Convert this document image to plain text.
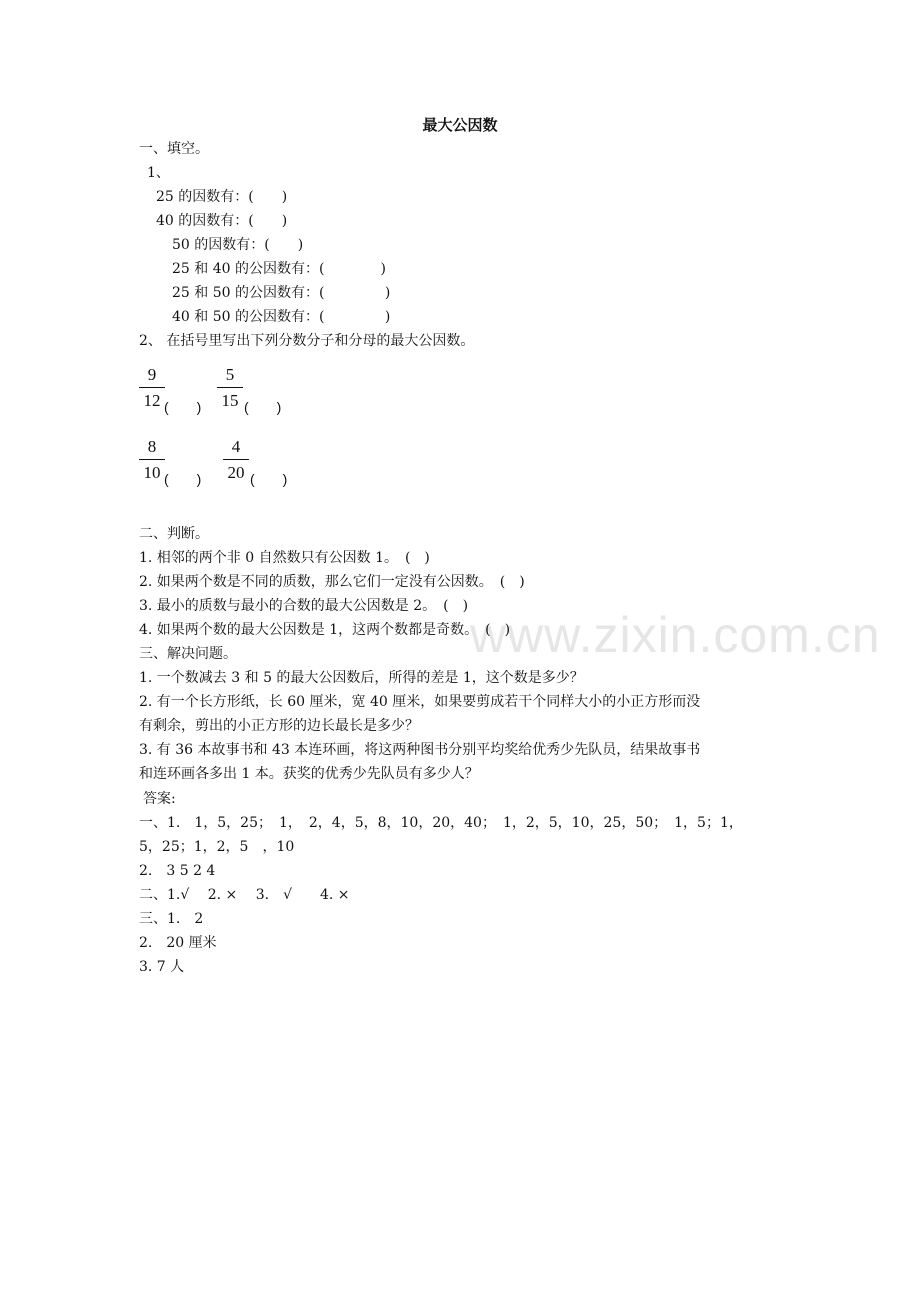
www.zixin.com.cn
最大公因数
一、填空。
1、
25 的因数有：(　　)
40 的因数有：(　　)
50 的因数有：(　　)
25 和 40 的公因数有：(　　　　)
25 和 50 的公因数有：(　　　　 )
40 和 50 的公因数有：(　　　　 )
2、 在括号里写出下列分数分子和分母的最大公因数。
9
12 (　　)
5
15 (　　)
8
10 (　　)
4
20 (　　)
二、判断。
1. 相邻的两个非 0 自然数只有公因数 1。　(　)
2. 如果两个数是不同的质数，那么它们一定没有公因数。　(　)
3. 最小的质数与最小的合数的最大公因数是 2。　(　)
4. 如果两个数的最大公因数是 1，这两个数都是奇数。　(　)
三、解决问题。
1. 一个数减去 3 和 5 的最大公因数后，所得的差是 1，这个数是多少？
2. 有一个长方形纸，长 60 厘米，宽 40 厘米，如果要剪成若干个同样大小的小正方形而没
有剩余，剪出的小正方形的边长最长是多少？
3. 有 36 本故事书和 43 本连环画，将这两种图书分别平均奖给优秀少先队员，结果故事书
和连环画各多出 1 本。获奖的优秀少先队员有多少人？
答案:
一、1.　1，5，25；　1，　2，4，5，8，10，20，40；　1，2，5，10，25，50；　1，5；1，
5，25；1，2，5　，10
2.　3 5 2 4
二、1.√　 2. ×　 3.　√　　4. ×
三、1.　2
2.　20 厘米
3. 7 人
